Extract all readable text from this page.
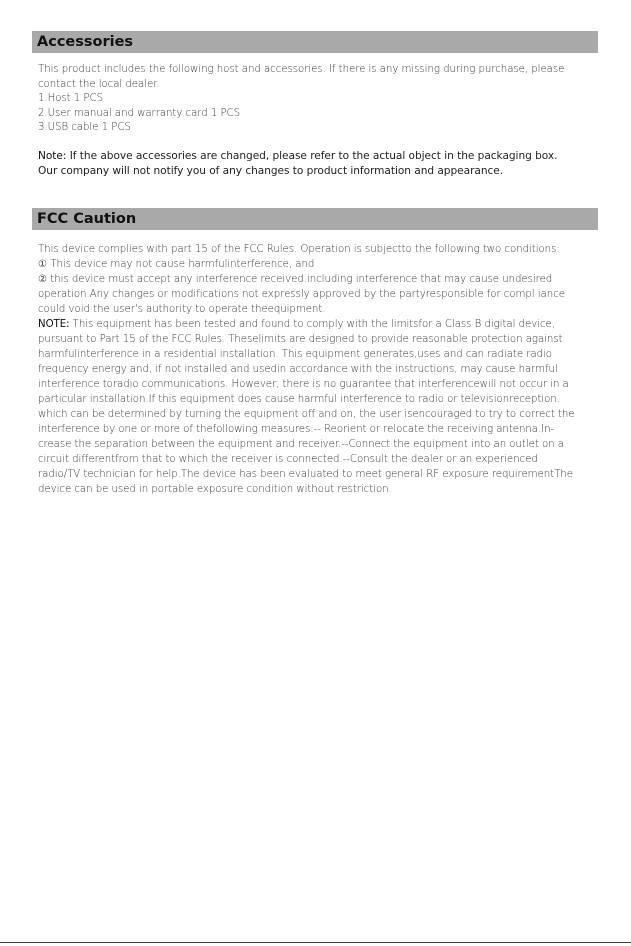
Accessories
This product includes the following host and accessories. If there is any missing during purchase, please
contact the local dealer.
1.Host 1 PCS
2.User manual and warranty card 1 PCS
3.USB cable 1 PCS
Note: If the above accessories are changed, please refer to the actual object in the packaging box.
Our company will not notify you of any changes to product information and appearance.
FCC Caution
This device complies with part 15 of the FCC Rules. Operation is subjectto the following two conditions:
① This device may not cause harmfulinterference, and
② this device must accept any interference received.including interference that may cause undesired
operation.Any changes or modifications not expressly approved by the partyresponsible for compl iance
could void the user's authority to operate theequipment.
NOTE: This equipment has been tested and found to comply with the limitsfor a Class B digital device,
pursuant to Part 15 of the FCC Rules. Theselimits are designed to provide reasonable protection against
harmfulinterference in a residential installation. This equipment generates,uses and can radiate radio
frequency energy and, if not installed and usedin accordance with the instructions, may cause harmful
interference toradio communications. However, there is no guarantee that interferencewill not occur in a
particular installation.If this equipment does cause harmful interference to radio or televisionreception.
which can be determined by turning the equipment off and on, the user isencouraged to try to correct the
interference by one or more of thefollowing measures:-- Reorient or relocate the receiving antenna.In-
crease the separation between the equipment and receiver.--Connect the equipment into an outlet on a
circuit differentfrom that to which the receiver is connected.--Consult the dealer or an experienced
radio/TV technician for help.The device has been evaluated to meet general RF exposure requirementThe
device can be used in portable exposure condition without restriction.
